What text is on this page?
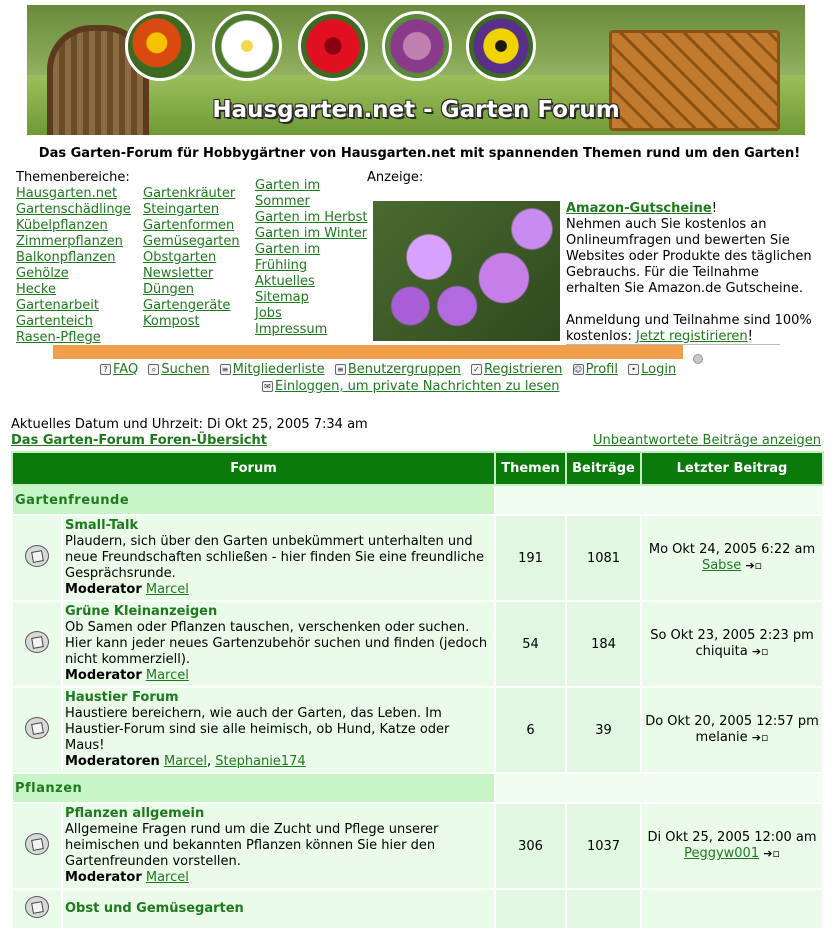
Hausgarten.net - Garten Forum
Das Garten-Forum für Hobbygärtner von Hausgarten.net mit spannenden Themen rund um den Garten!
Themenbereiche:
Hausgarten.net
Gartenschädlinge
Kübelpflanzen
Zimmerpflanzen
Balkonpflanzen
Gehölze
Hecke
Gartenarbeit
Gartenteich
Rasen-Pflege
Gartenkräuter
Steingarten
Gartenformen
Gemüsegarten
Obstgarten
Newsletter
Düngen
Gartengeräte
Kompost
Garten im Sommer
Garten im Herbst
Garten im Winter
Garten im Frühling
Aktuelles
Sitemap
Jobs
Impressum
Anzeige:
Amazon-Gutscheine!
Nehmen auch Sie kostenlos an Onlineumfragen und bewerten Sie Websites oder Produkte des täglichen Gebrauchs. Für die Teilnahme erhalten Sie Amazon.de Gutscheine.

Anmeldung und Teilnahme sind 100% kostenlos: Jetzt registirieren!
? FAQ ⌕ Suchen ≡ Mitgliederliste ≡ Benutzergruppen ✓ Registrieren ☺ Profil • Login
✉ Einloggen, um private Nachrichten zu lesen
Aktuelles Datum und Uhrzeit: Di Okt 25, 2005 7:34 am
Das Garten-Forum Foren-Übersicht	Unbeantwortete Beiträge anzeigen
Forum		Themen	Beiträge	Letzter Beitrag
Gartenfreunde				
	Small-Talk
Plaudern, sich über den Garten unbekümmert unterhalten und neue Freundschaften schließen - hier finden Sie eine freundliche Gesprächsrunde.
Moderator Marcel	191	1081	Mo Okt 24, 2005 6:22 am
Sabse ➔▫
	Grüne Kleinanzeigen
Ob Samen oder Pflanzen tauschen, verschenken oder suchen. Hier kann jeder neues Gartenzubehör suchen und finden (jedoch nicht kommerziell).
Moderator Marcel	54	184	So Okt 23, 2005 2:23 pm
chiquita ➔▫
	Haustier Forum
Haustiere bereichern, wie auch der Garten, das Leben. Im Haustier-Forum sind sie alle heimisch, ob Hund, Katze oder Maus!
Moderatoren Marcel, Stephanie174	6	39	Do Okt 20, 2005 12:57 pm
melanie ➔▫
Pflanzen				
	Pflanzen allgemein
Allgemeine Fragen rund um die Zucht und Pflege unserer heimischen und bekannten Pflanzen können Sie hier den Gartenfreunden vorstellen.
Moderator Marcel	306	1037	Di Okt 25, 2005 12:00 am
Peggyw001 ➔▫
	Obst und Gemüsegarten
